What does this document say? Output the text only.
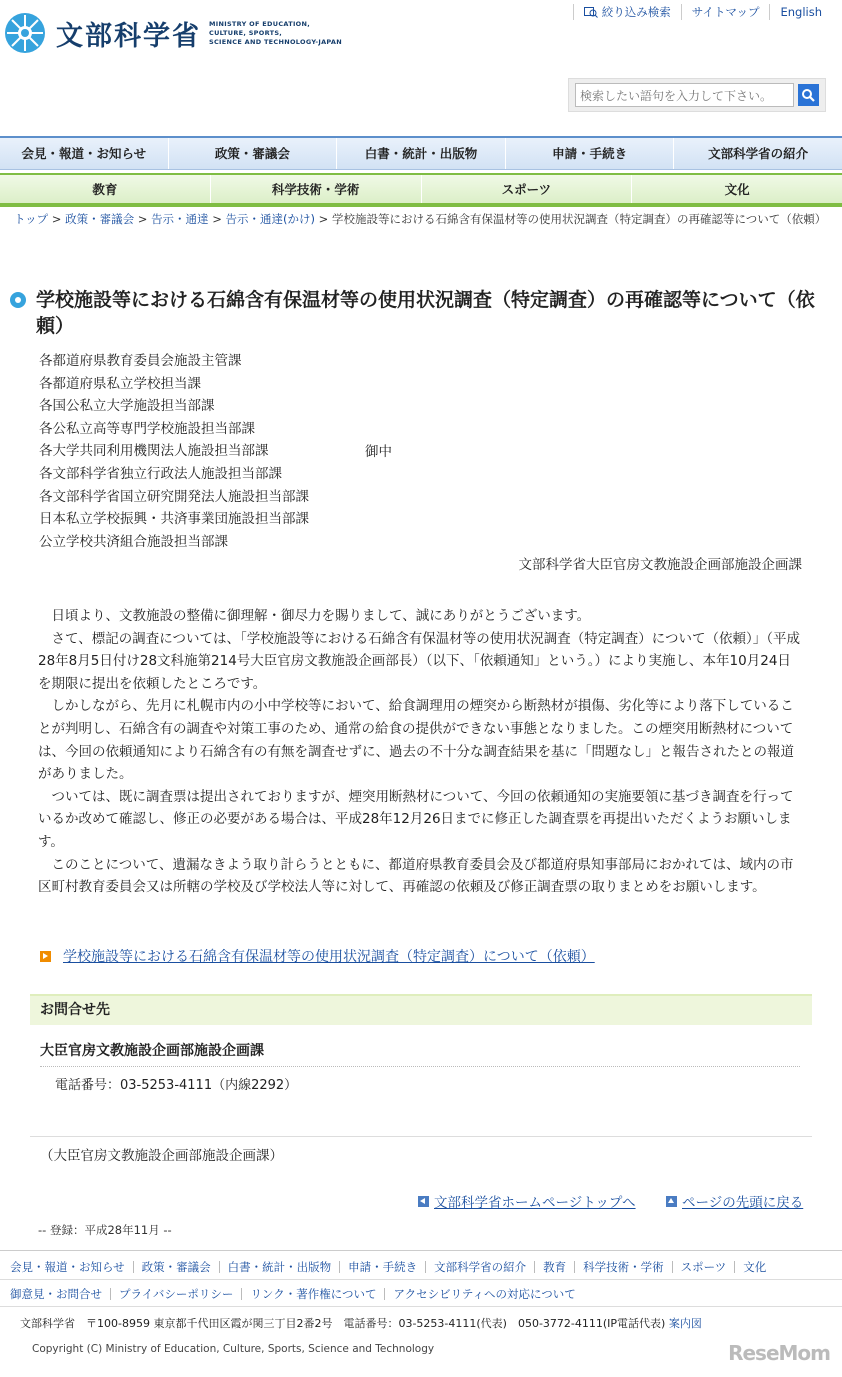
文部科学省 MINISTRY OF EDUCATION,
CULTURE, SPORTS,
SCIENCE AND TECHNOLOGY-JAPAN
絞り込み検索	サイトマップ	English
検索したい語句を入力して下さい。
会見・報道・お知らせ	政策・審議会	白書・統計・出版物	申請・手続き	文部科学省の紹介
教育	科学技術・学術	スポーツ	文化
トップ > 政策・審議会 > 告示・通達 > 告示・通達(かけ) > 学校施設等における石綿含有保温材等の使用状況調査（特定調査）の再確認等について（依頼）
学校施設等における石綿含有保温材等の使用状況調査（特定調査）の再確認等について（依頼）
各都道府県教育委員会施設主管課
各都道府県私立学校担当課
各国公私立大学施設担当部課
各公私立高等専門学校施設担当部課
各大学共同利用機関法人施設担当部課
各文部科学省独立行政法人施設担当部課
各文部科学省国立研究開発法人施設担当部課
日本私立学校振興・共済事業団施設担当部課
公立学校共済組合施設担当部課
御中
文部科学省大臣官房文教施設企画部施設企画課

日頃より、文教施設の整備に御理解・御尽力を賜りまして、誠にありがとうございます。

さて、標記の調査については、「学校施設等における石綿含有保温材等の使用状況調査（特定調査）について（依頼）」（平成28年8月5日付け28文科施第214号大臣官房文教施設企画部長）（以下、「依頼通知」という。）により実施し、本年10月24日を期限に提出を依頼したところです。

しかしながら、先月に札幌市内の小中学校等において、給食調理用の煙突から断熱材が損傷、劣化等により落下していることが判明し、石綿含有の調査や対策工事のため、通常の給食の提供ができない事態となりました。この煙突用断熱材については、今回の依頼通知により石綿含有の有無を調査せずに、過去の不十分な調査結果を基に「問題なし」と報告されたとの報道がありました。

ついては、既に調査票は提出されておりますが、煙突用断熱材について、今回の依頼通知の実施要領に基づき調査を行っているか改めて確認し、修正の必要がある場合は、平成28年12月26日までに修正した調査票を再提出いただくようお願いします。

このことについて、遺漏なきよう取り計らうとともに、都道府県教育委員会及び都道府県知事部局におかれては、域内の市区町村教育委員会又は所轄の学校及び学校法人等に対して、再確認の依頼及び修正調査票の取りまとめをお願いします。

学校施設等における石綿含有保温材等の使用状況調査（特定調査）について（依頼）
お問合せ先
大臣官房文教施設企画部施設企画課
電話番号：03-5253-4111（内線2292）
（大臣官房文教施設企画部施設企画課）
文部科学省ホームページトップへ	ページの先頭に戻る
-- 登録：平成28年11月 --
会見・報道・お知らせ	政策・審議会	白書・統計・出版物	申請・手続き	文部科学省の紹介	教育	科学技術・学術	スポーツ	文化
御意見・お問合せ	プライバシーポリシー	リンク・著作権について	アクセシビリティへの対応について
文部科学省　〒100-8959 東京都千代田区霞が関三丁目2番2号　電話番号：03-5253-4111(代表)　050-3772-4111(IP電話代表) 案内図
Copyright (C) Ministry of Education, Culture, Sports, Science and Technology	ReseMom
